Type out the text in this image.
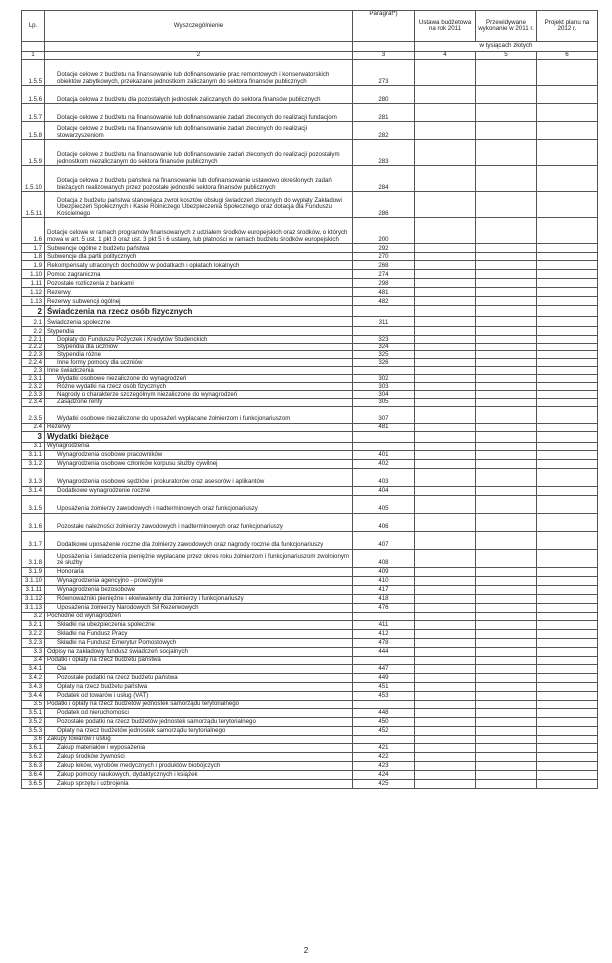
Lp.	Wyszczególnienie	Paragraf*)	Ustawa budżetowa na rok 2011	Przewidywane wykonanie w 2011 r.	Projekt planu na 2012 r.
			w tysiącach złotych		
1	2	3	4	5	6
1.5.5	Dotacje celowe z budżetu na finansowanie lub dofinansowanie prac remontowych i konserwatorskich obiektów zabytkowych, przekazane jednostkom zaliczanym do sektora finansów publicznych	273			
1.5.6	Dotacja celowa z budżetu dla pozostałych jednostek zaliczanych do sektora finansów publicznych	280			
1.5.7	Dotacje celowe z budżetu na finansowanie lub dofinansowanie zadań zleconych do realizacji fundacjom	281			
1.5.8	Dotacje celowe z budżetu na finansowanie lub dofinansowanie zadań zleconych do realizacji stowarzyszeniom	282			
1.5.9	Dotacje celowe z budżetu na finansowanie lub dofinansowanie zadań zleconych do realizacji pozostałym jednostkom niezaliczanym do sektora finansów publicznych	283			
1.5.10	Dotacja celowa z budżetu państwa na finansowanie lub dofinansowanie ustawowo określonych zadań bieżących realizowanych przez pozostałe jednostki sektora finansów publicznych	284			
1.5.11	Dotacja z budżetu państwa stanowiąca zwrot kosztów obsługi świadczeń zleconych do wypłaty Zakładowi Ubezpieczeń Społecznych i Kasie Rolniczego Ubezpieczenia Społecznego oraz dotacja dla Funduszu Kościelnego	286			
1.6	Dotacje celowe w ramach programów finansowanych z udziałem środków europejskich oraz środków, o których mowa w art. 5 ust. 1 pkt 3 oraz ust. 3 pkt 5 i 6 ustawy, lub płatności w ramach budżetu środków europejskich	200			
1.7	Subwencje ogólne z budżetu państwa	292			
1.8	Subwencje dla partii politycznych	270			
1.9	Rekompensaty utraconych dochodów w podatkach i opłatach lokalnych	268			
1.10	Pomoc zagraniczna	274			
1.11	Pozostałe rozliczenia z bankami	298			
1.12	Rezerwy	481			
1.13	Rezerwy subwencji ogólnej	482			
2	Świadczenia na rzecz osób fizycznych				
2.1	Świadczenia społeczne	311			
2.2	Stypendia				
2.2.1	Dopłaty do Funduszu Pożyczek i Kredytów Studenckich	323			
2.2.2	Stypendia dla uczniów	324			
2.2.3	Stypendia różne	325			
2.2.4	Inne formy pomocy dla uczniów	326			
2.3	Inne świadczenia				
2.3.1	Wydatki osobowe niezaliczone do wynagrodzeń	302			
2.3.2	Różne wydatki na rzecz osób fizycznych	303			
2.3.3	Nagrody o charakterze szczególnym niezaliczone do wynagrodzeń	304			
2.3.4	Zasądzone renty	305			
2.3.5	Wydatki osobowe niezaliczone do uposażeń wypłacane żołnierzom i funkcjonariuszom	307			
2.4	Rezerwy	481			
3	Wydatki bieżące				
3.1	Wynagrodzenia				
3.1.1	Wynagrodzenia osobowe pracowników	401			
3.1.2	Wynagrodzenia osobowe członków korpusu służby cywilnej	402			
3.1.3	Wynagrodzenia osobowe sędziów i prokuratorów oraz asesorów i aplikantów	403			
3.1.4	Dodatkowe wynagrodzenie roczne	404			
3.1.5	Uposażenia żołnierzy zawodowych i nadterminowych oraz funkcjonariuszy	405			
3.1.6	Pozostałe należności żołnierzy zawodowych i nadterminowych oraz funkcjonariuszy	406			
3.1.7	Dodatkowe uposażenie roczne dla żołnierzy zawodowych oraz nagrody roczne dla funkcjonariuszy	407			
3.1.8	Uposażenia i świadczenia pieniężne wypłacane przez okres roku żołnierzom i funkcjonariuszom zwolnionym ze służby	408			
3.1.9	Honoraria	409			
3.1.10	Wynagrodzenia agencyjno - prowizyjne	410			
3.1.11	Wynagrodzenia bezosobowe	417			
3.1.12	Równoważniki pieniężne i ekwiwalenty dla żołnierzy i funkcjonariuszy	418			
3.1.13	Uposażenia żołnierzy Narodowych Sił Rezerwowych	476			
3.2	Pochodne od wynagrodzeń				
3.2.1	Składki na ubezpieczenia społeczne	411			
3.2.2	Składki na Fundusz Pracy	412			
3.2.3	Składki na Fundusz Emerytur Pomostowych	478			
3.3	Odpisy na zakładowy fundusz świadczeń socjalnych	444			
3.4	Podatki i opłaty na rzecz budżetu państwa				
3.4.1	Cła	447			
3.4.2	Pozostałe podatki na rzecz budżetu państwa	449			
3.4.3	Opłaty na rzecz budżetu państwa	451			
3.4.4	Podatek od towarów i usług (VAT)	453			
3.5	Podatki i opłaty na rzecz budżetów jednostek samorządu terytorialnego				
3.5.1	Podatek od nieruchomości	448			
3.5.2	Pozostałe podatki na rzecz budżetów jednostek samorządu terytorialnego	450			
3.5.3	Opłaty na rzecz budżetów jednostek samorządu terytorialnego	452			
3.6	Zakupy towarów i usług				
3.6.1	Zakup materiałów i wyposażenia	421			
3.6.2	Zakup środków żywności	422			
3.6.3	Zakup leków, wyrobów medycznych i produktów biobójczych	423			
3.6.4	Zakup pomocy naukowych, dydaktycznych i książek	424			
3.6.5	Zakup sprzętu i uzbrojenia	425			
2
